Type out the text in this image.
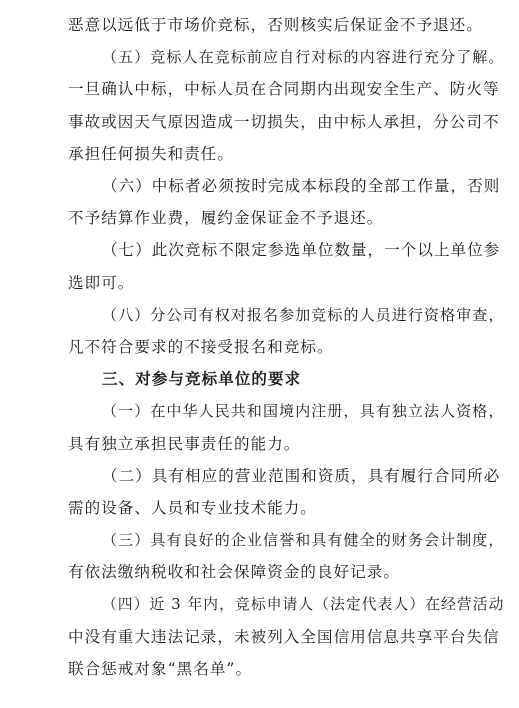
恶意以远低于市场价竞标，否则核实后保证金不予退还。
（五）竞标人在竞标前应自行对标的内容进行充分了解。
一旦确认中标，中标人员在合同期内出现安全生产、防火等
事故或因天气原因造成一切损失，由中标人承担，分公司不
承担任何损失和责任。
（六）中标者必须按时完成本标段的全部工作量，否则
不予结算作业费，履约金保证金不予退还。
（七）此次竞标不限定参选单位数量，一个以上单位参
选即可。
（八）分公司有权对报名参加竞标的人员进行资格审查，
凡不符合要求的不接受报名和竞标。
三、对参与竞标单位的要求
（一）在中华人民共和国境内注册，具有独立法人资格，
具有独立承担民事责任的能力。
（二）具有相应的营业范围和资质，具有履行合同所必
需的设备、人员和专业技术能力。
（三）具有良好的企业信誉和具有健全的财务会计制度，
有依法缴纳税收和社会保障资金的良好记录。
（四）近 3 年内，竞标申请人（法定代表人）在经营活动
中没有重大违法记录，未被列入全国信用信息共享平台失信
联合惩戒对象“黑名单”。
